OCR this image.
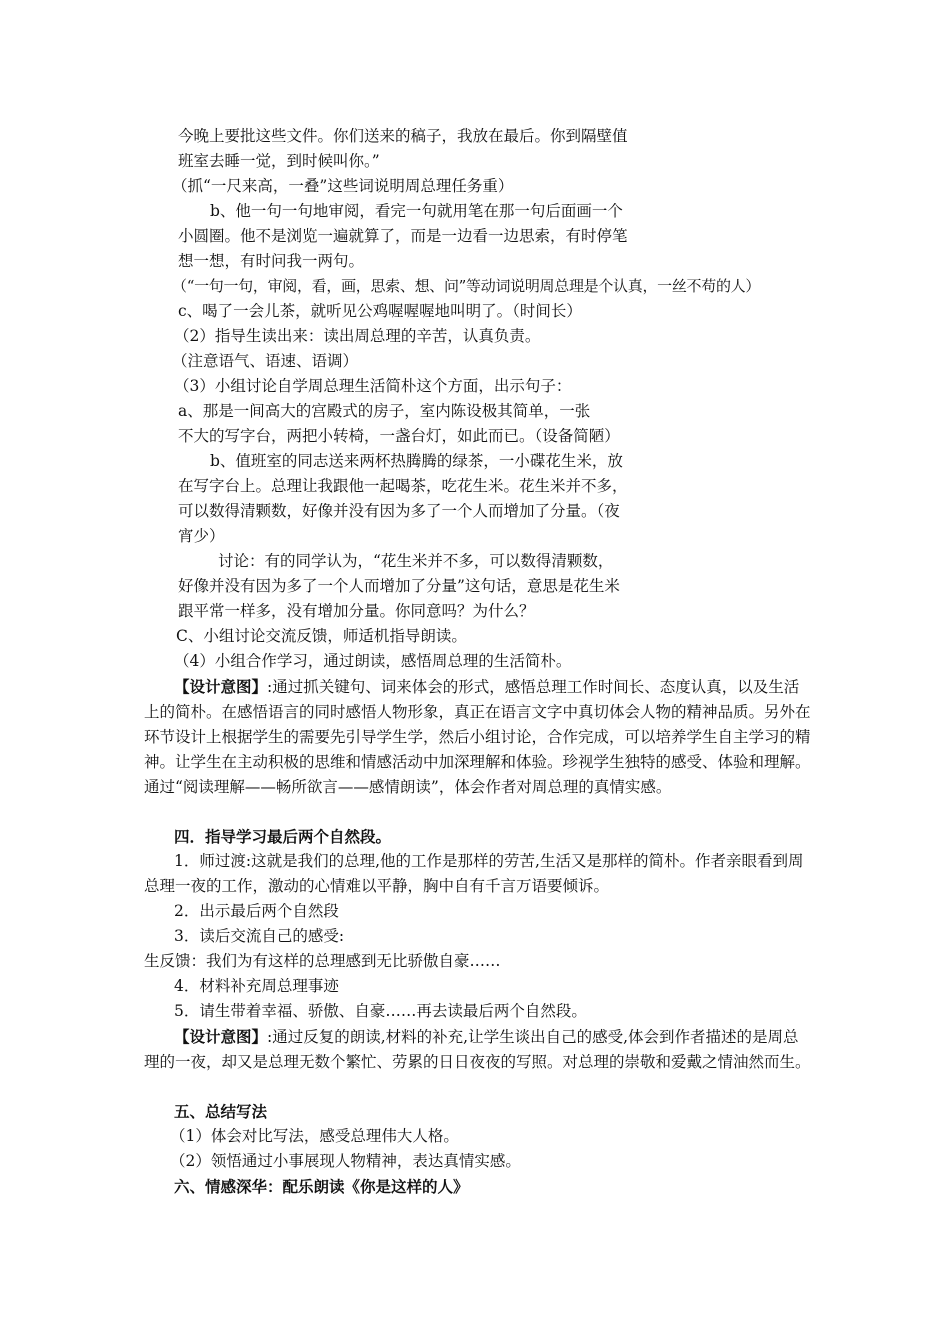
今晚上要批这些文件。你们送来的稿子，我放在最后。你到隔壁值
班室去睡一觉，到时候叫你。”
（抓“一尺来高，一叠”这些词说明周总理任务重）
b、他一句一句地审阅，看完一句就用笔在那一句后面画一个
小圆圈。他不是浏览一遍就算了，而是一边看一边思索，有时停笔
想一想，有时问我一两句。
（“一句一句，审阅，看，画，思索、想、问”等动词说明周总理是个认真，一丝不苟的人）
c、喝了一会儿茶，就听见公鸡喔喔喔地叫明了。（时间长）
（2）指导生读出来：读出周总理的辛苦，认真负责。
（注意语气、语速、语调）
（3）小组讨论自学周总理生活简朴这个方面，出示句子：
a、那是一间高大的宫殿式的房子，室内陈设极其简单，一张
不大的写字台，两把小转椅，一盏台灯，如此而已。（设备简陋）
b、值班室的同志送来两杯热腾腾的绿茶，一小碟花生米，放
在写字台上。总理让我跟他一起喝茶，吃花生米。花生米并不多，
可以数得清颗数，好像并没有因为多了一个人而增加了分量。（夜
宵少）
讨论：有的同学认为，“花生米并不多，可以数得清颗数，
好像并没有因为多了一个人而增加了分量”这句话，意思是花生米
跟平常一样多，没有增加分量。你同意吗？为什么？
C、小组讨论交流反馈，师适机指导朗读。
（4）小组合作学习，通过朗读，感悟周总理的生活简朴。
【设计意图】:通过抓关键句、词来体会的形式，感悟总理工作时间长、态度认真，以及生活上的简朴。在感悟语言的同时感悟人物形象，真正在语言文字中真切体会人物的精神品质。另外在环节设计上根据学生的需要先引导学生学，然后小组讨论，合作完成，可以培养学生自主学习的精神。让学生在主动积极的思维和情感活动中加深理解和体验。珍视学生独特的感受、体验和理解。通过“阅读理解——畅所欲言——感情朗读”，体会作者对周总理的真情实感。
四．指导学习最后两个自然段。
1．师过渡:这就是我们的总理,他的工作是那样的劳苦,生活又是那样的简朴。作者亲眼看到周总理一夜的工作，激动的心情难以平静，胸中自有千言万语要倾诉。
2．出示最后两个自然段
3．读后交流自己的感受:
生反馈：我们为有这样的总理感到无比骄傲自豪……
4．材料补充周总理事迹
5．请生带着幸福、骄傲、自豪……再去读最后两个自然段。
【设计意图】:通过反复的朗读,材料的补充,让学生谈出自己的感受,体会到作者描述的是周总理的一夜，却又是总理无数个繁忙、劳累的日日夜夜的写照。对总理的崇敬和爱戴之情油然而生。
五、总结写法
（1）体会对比写法，感受总理伟大人格。
（2）领悟通过小事展现人物精神，表达真情实感。
六、情感深华：配乐朗读《你是这样的人》
